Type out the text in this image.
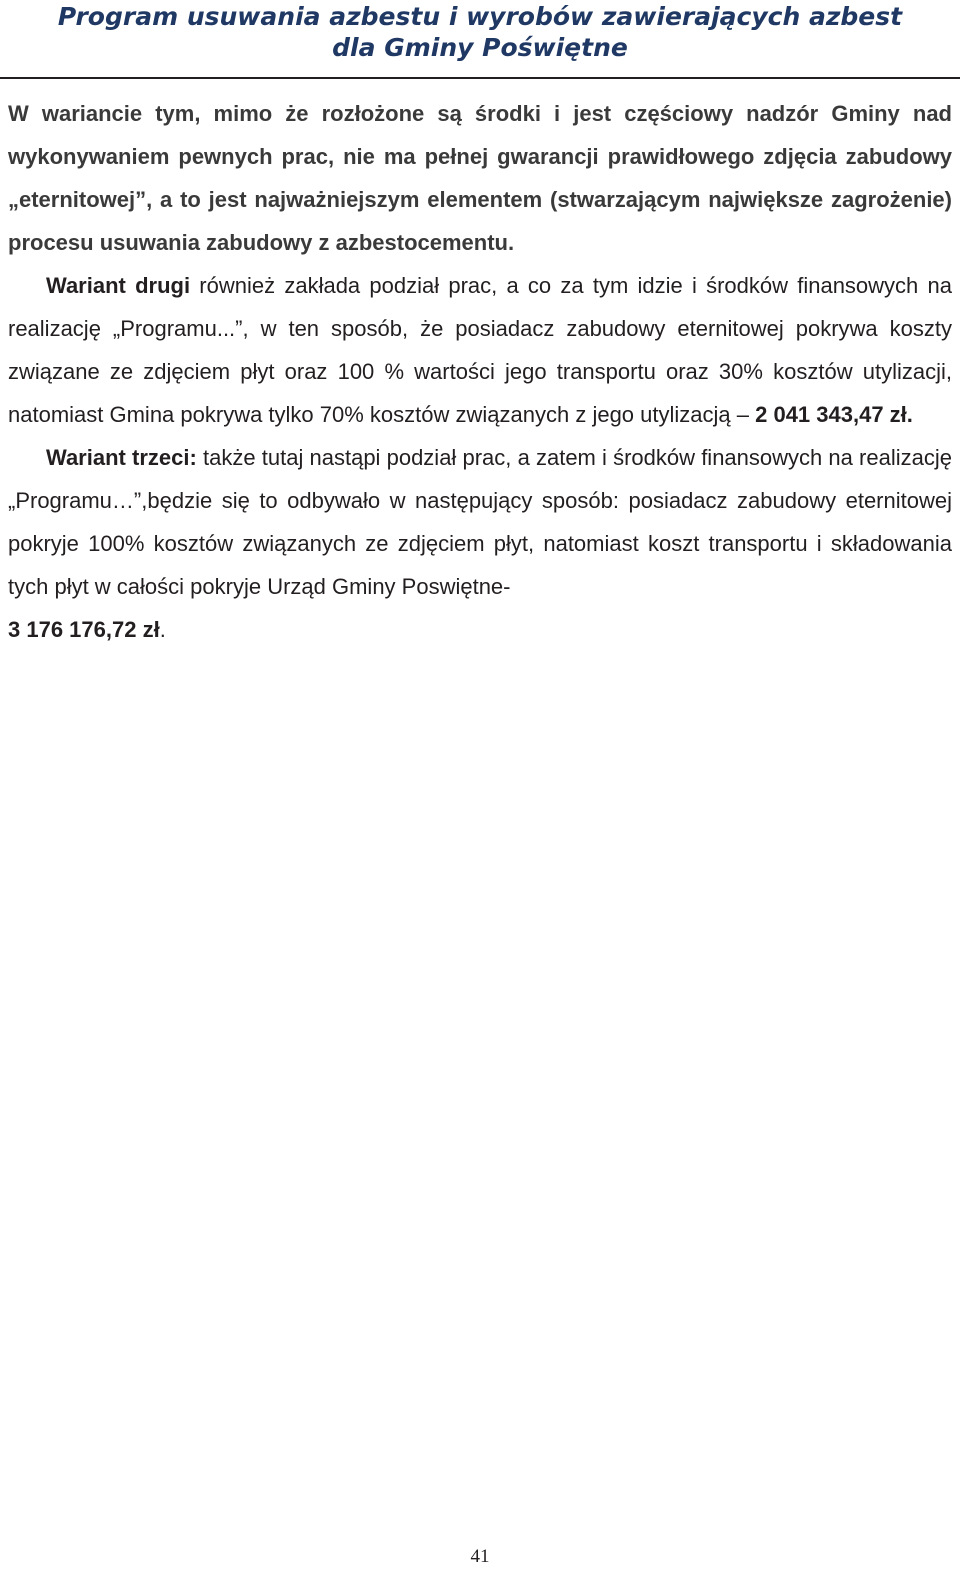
Program usuwania azbestu i wyrobów zawierających azbest
dla Gminy Poświętne

W wariancie tym, mimo że rozłożone są środki i jest częściowy nadzór Gminy nad wykonywaniem pewnych prac, nie ma pełnej gwarancji prawidłowego zdjęcia zabudowy „eternitowej”, a to jest najważniejszym elementem (stwarzającym największe zagrożenie) procesu usuwania zabudowy z azbestocementu.

Wariant drugi również zakłada podział prac, a co za tym idzie i środków finansowych na realizację „Programu...”, w ten sposób, że posiadacz zabudowy eternitowej pokrywa koszty związane ze zdjęciem płyt oraz 100 % wartości jego transportu oraz 30% kosztów utylizacji, natomiast Gmina pokrywa tylko 70% kosztów związanych z jego utylizacją – 2 041 343,47 zł.

Wariant trzeci: także tutaj nastąpi podział prac, a zatem i środków finansowych na realizację „Programu…”,będzie się to odbywało w następujący sposób: posiadacz zabudowy eternitowej pokryje 100% kosztów związanych ze zdjęciem płyt, natomiast koszt transportu i składowania tych płyt w całości pokryje Urząd Gminy Poswiętne-
3 176 176,72 zł.

41
